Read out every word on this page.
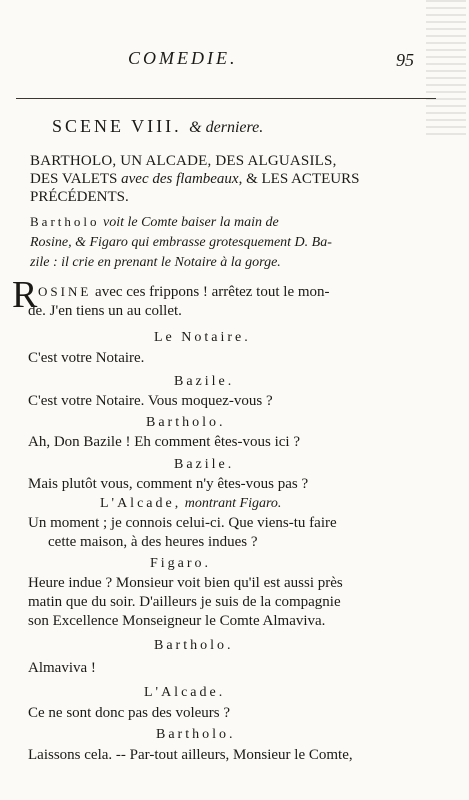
COMEDIE.	95
SCENE VIII. & derniere.
BARTHOLO, UN ALCADE, DES ALGUASILS,
DES VALETS avec des flambeaux, & LES ACTEURS
PRÉCÉDENTS.
Bartholo voit le Comte baiser la main de
Rosine, & Figaro qui embrasse grotesquement D. Ba-
zile : il crie en prenant le Notaire à la gorge.
R OSINE avec ces frippons ! arrêtez tout le mon-
de. J'en tiens un au collet.
Le Notaire.
C'est votre Notaire.
Bazile.
C'est votre Notaire. Vous moquez-vous ?
Bartholo.
Ah, Don Bazile ! Eh comment êtes-vous ici ?
Bazile.
Mais plutôt vous, comment n'y êtes-vous pas ?
L'Alcade, montrant Figaro.
Un moment ; je connois celui-ci. Que viens-tu faire
cette maison, à des heures indues ?
Figaro.
Heure indue ? Monsieur voit bien qu'il est aussi près
matin que du soir. D'ailleurs je suis de la compagnie
son Excellence Monseigneur le Comte Almaviva.
Bartholo.
Almaviva !
L'Alcade.
Ce ne sont donc pas des voleurs ?
Bartholo.
Laissons cela. -- Par-tout ailleurs, Monsieur le Comte,
